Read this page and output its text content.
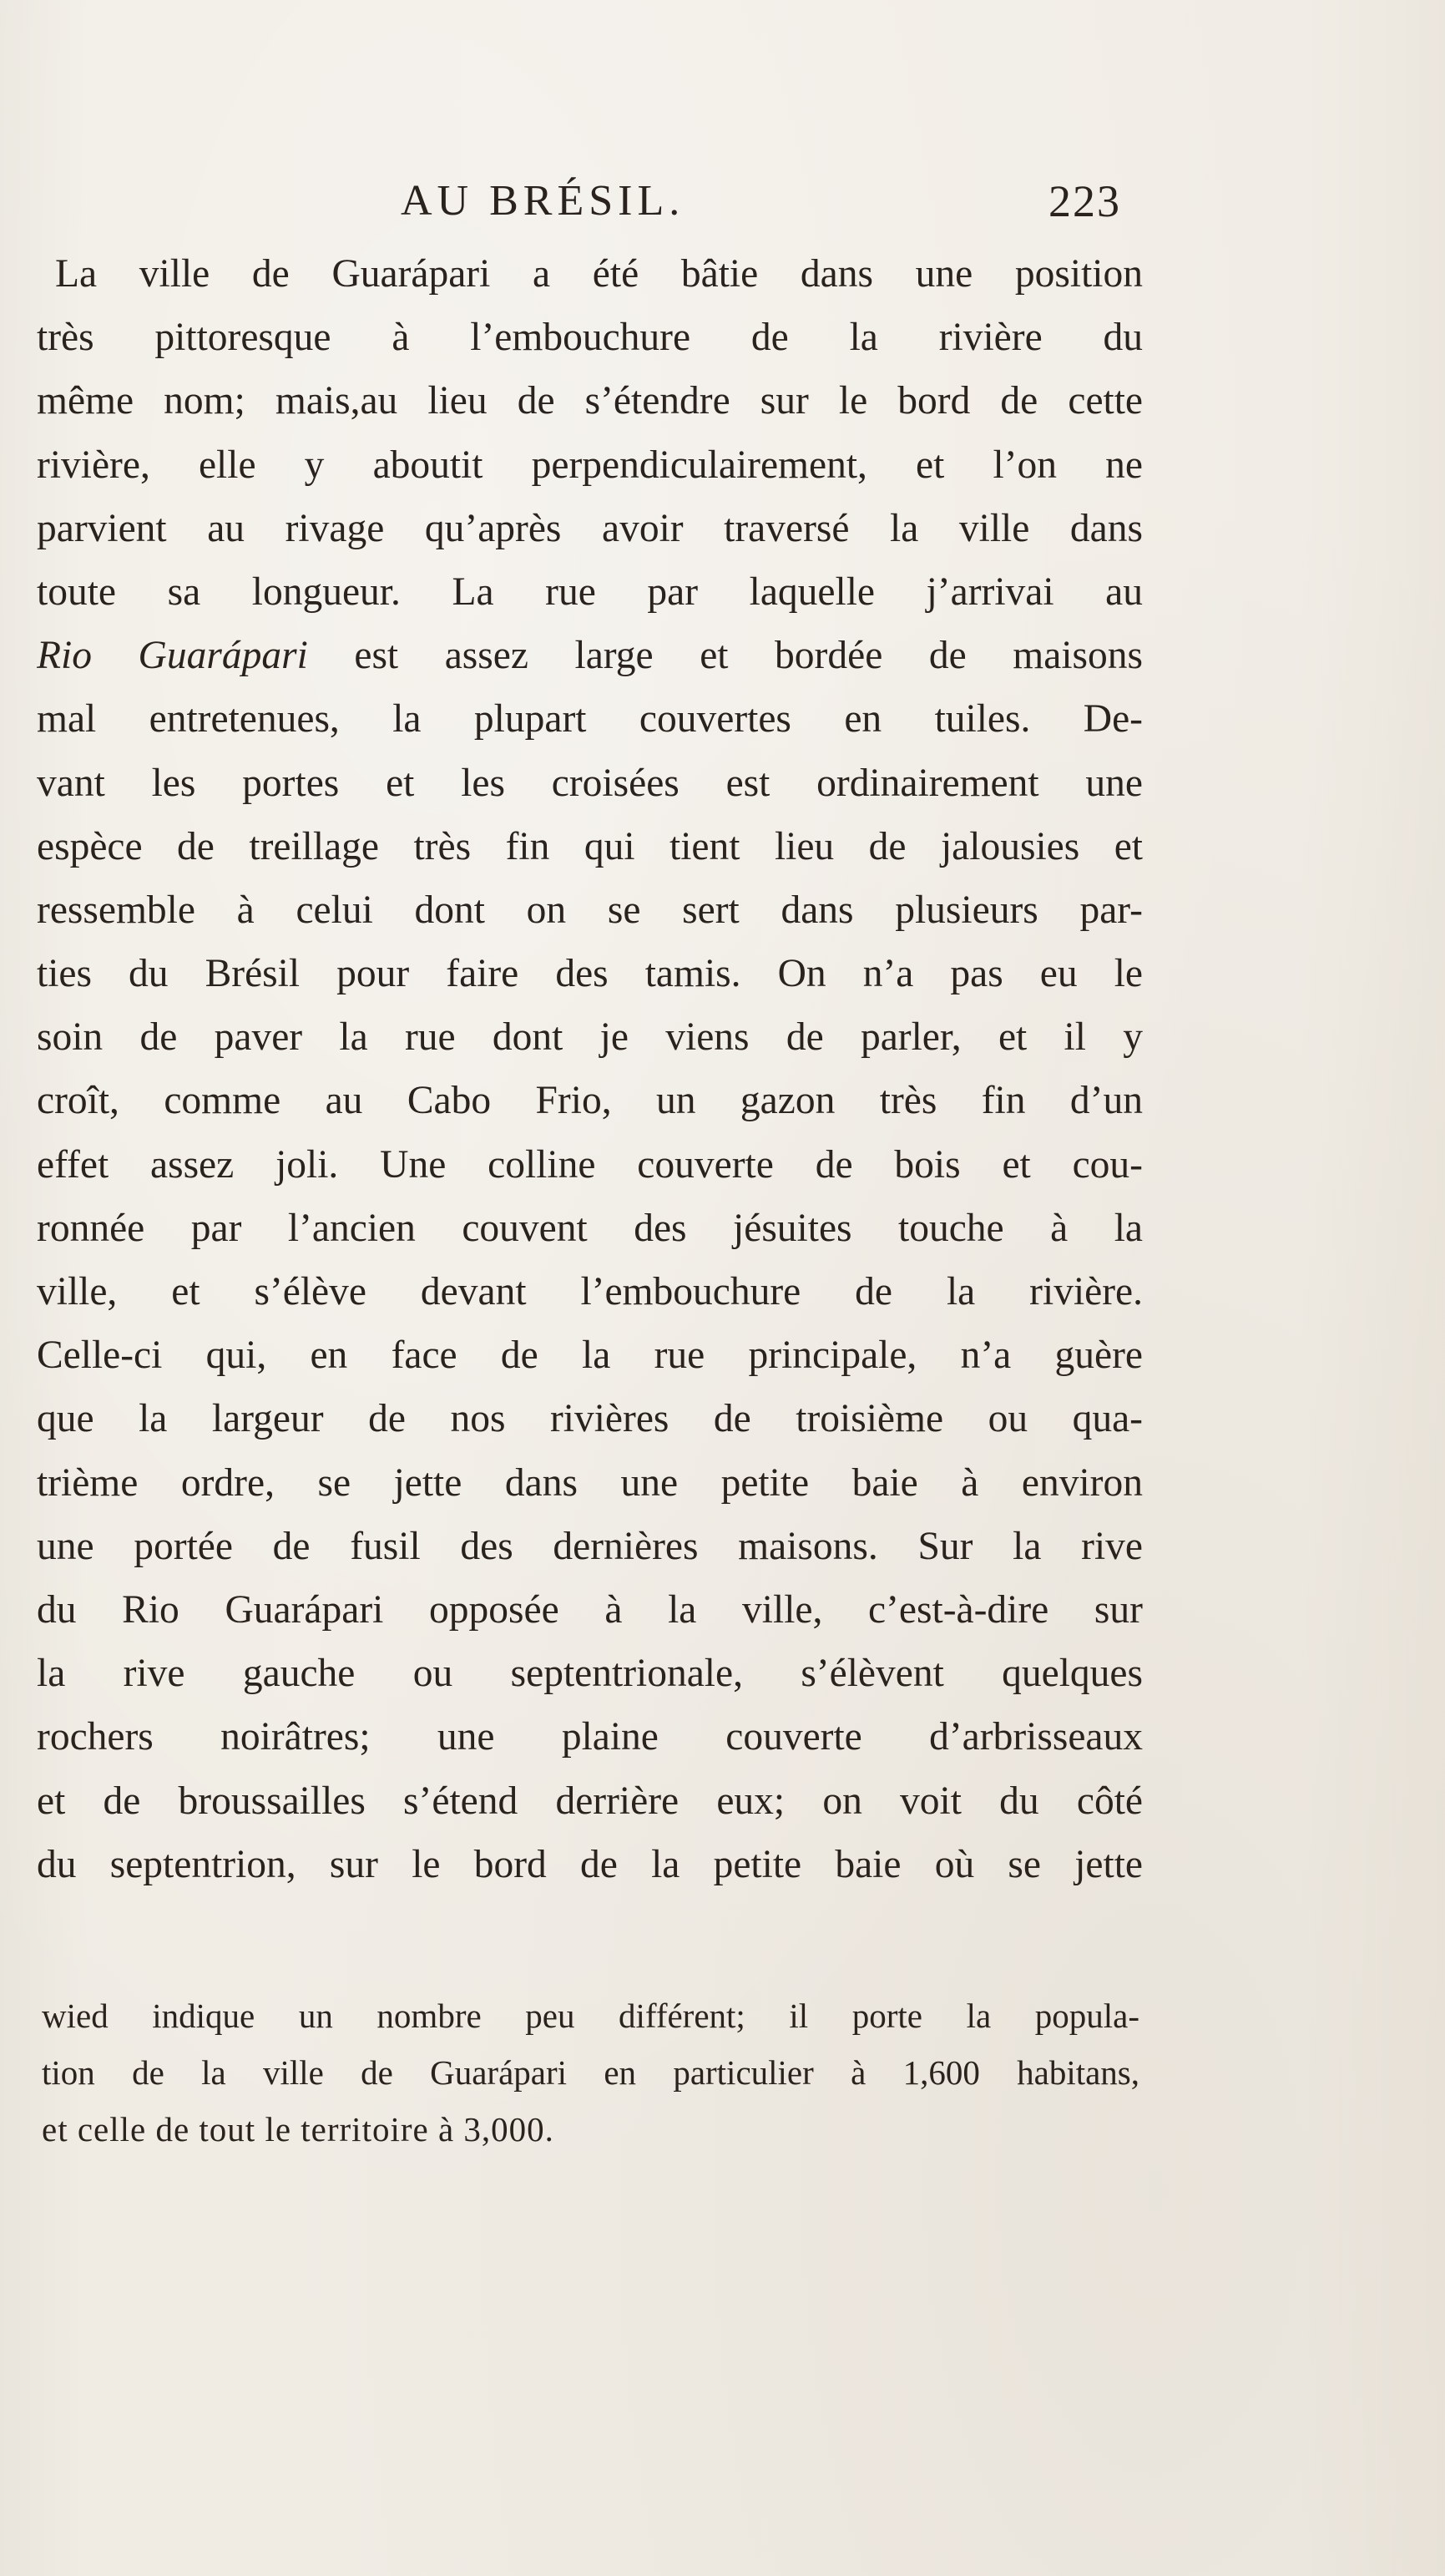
AU BRÉSIL.	223
La ville de Guarápari a été bâtie dans une position
très pittoresque à l’embouchure de la rivière du
même nom; mais,au lieu de s’étendre sur le bord de cette
rivière, elle y aboutit perpendiculairement, et l’on ne
parvient au rivage qu’après avoir traversé la ville dans
toute sa longueur. La rue par laquelle j’arrivai au
Rio Guarápari est assez large et bordée de maisons
mal entretenues, la plupart couvertes en tuiles. De-
vant les portes et les croisées est ordinairement une
espèce de treillage très fin qui tient lieu de jalousies et
ressemble à celui dont on se sert dans plusieurs par-
ties du Brésil pour faire des tamis. On n’a pas eu le
soin de paver la rue dont je viens de parler, et il y
croît, comme au Cabo Frio, un gazon très fin d’un
effet assez joli. Une colline couverte de bois et cou-
ronnée par l’ancien couvent des jésuites touche à la
ville, et s’élève devant l’embouchure de la rivière.
Celle-ci qui, en face de la rue principale, n’a guère
que la largeur de nos rivières de troisième ou qua-
trième ordre, se jette dans une petite baie à environ
une portée de fusil des dernières maisons. Sur la rive
du Rio Guarápari opposée à la ville, c’est-à-dire sur
la rive gauche ou septentrionale, s’élèvent quelques
rochers noirâtres; une plaine couverte d’arbrisseaux
et de broussailles s’étend derrière eux; on voit du côté
du septentrion, sur le bord de la petite baie où se jette
wied indique un nombre peu différent; il porte la popula-
tion de la ville de Guarápari en particulier à 1,600 habitans,
et celle de tout le territoire à 3,000.
